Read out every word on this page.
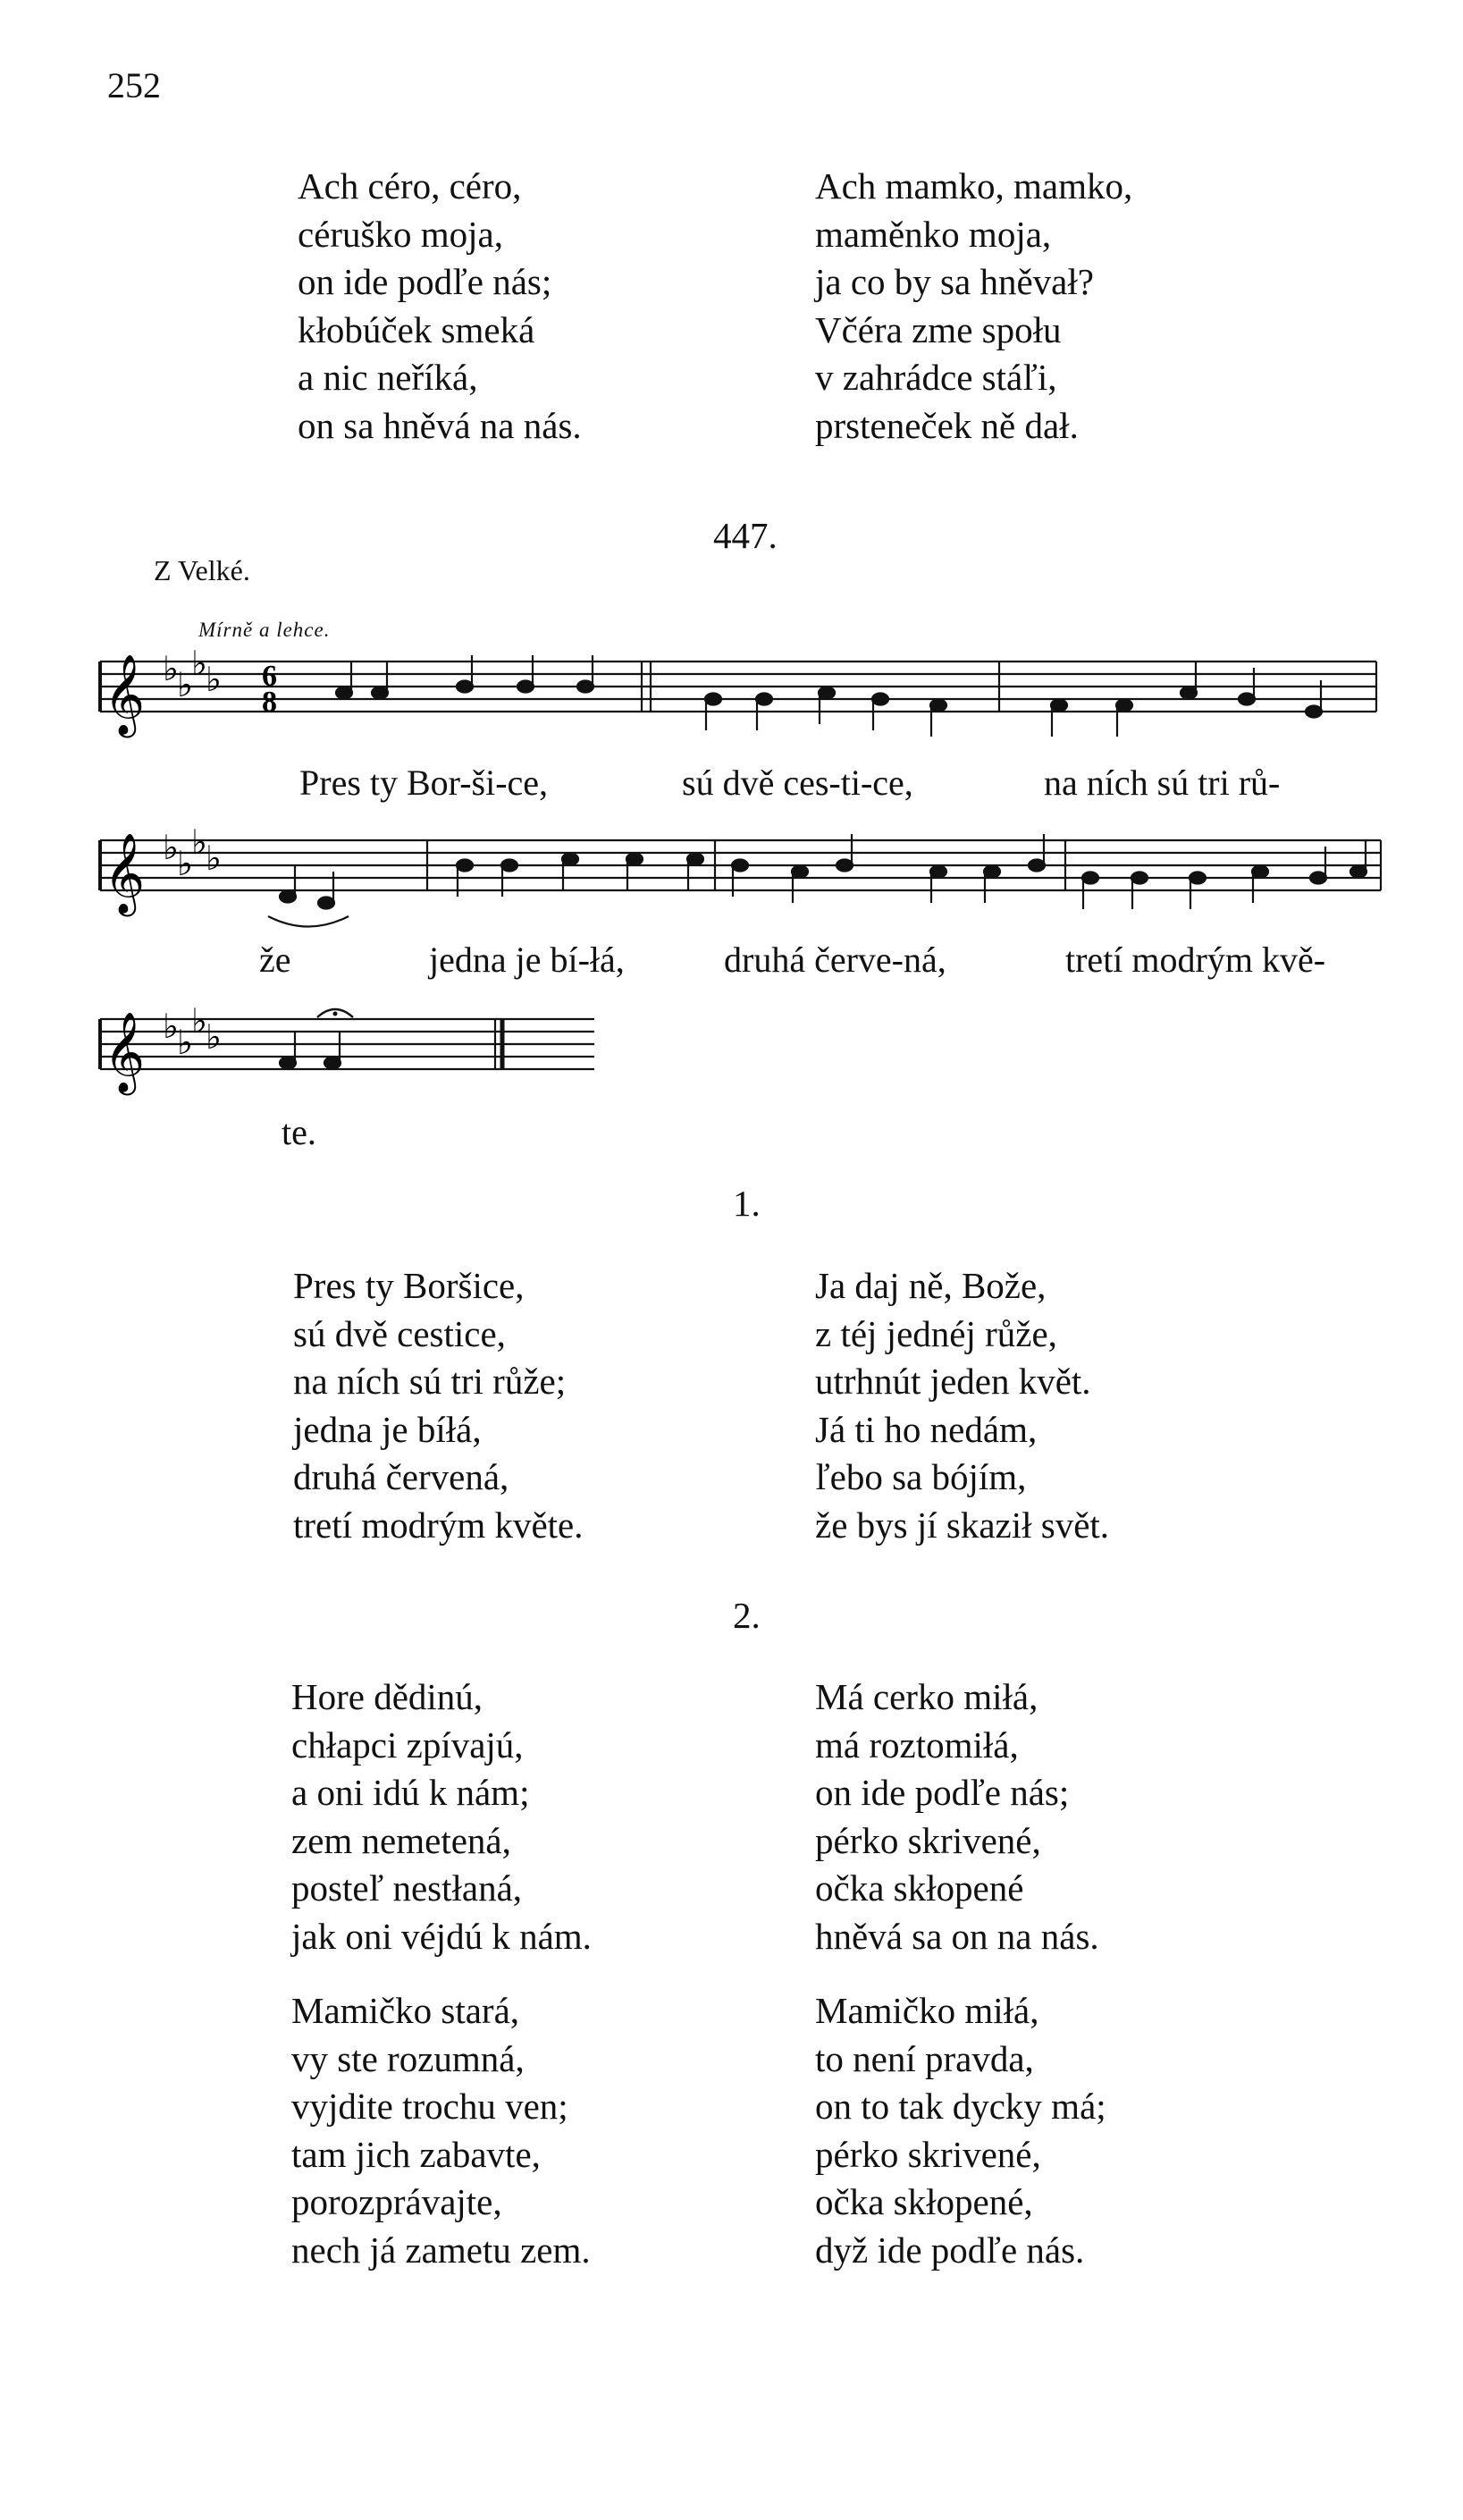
252
Ach céro, céro,
céruško moja,
on ide podľe nás;
kłobúček smeká
a nic neříká,
on sa hněvá na nás.
Ach mamko, mamko,
maměnko moja,
ja co by sa hněvał?
Včéra zme społu
v zahrádce stáľi,
prsteneček ně dał.
447.
Z Velké.
Mírně a lehce.
𝄞 ♭
♭
♭
♭ 6
8
Pres ty Bor-ši-ce,	sú dvě ces-ti-ce,	na ních sú tri rů-
𝄞 ♭
♭
♭
♭
že	jedna je bí-łá,	druhá červe-ná,	tretí modrým kvě-
𝄞 ♭
♭
♭
♭
te.
1.
Pres ty Boršice,
sú dvě cestice,
na ních sú tri růže;
jedna je bíłá,
druhá červená,
tretí modrým květe.
Ja daj ně, Bože,
z téj jednéj růže,
utrhnút jeden květ.
Já ti ho nedám,
ľebo sa bójím,
že bys jí skaził svět.
2.
Hore dědinú,
chłapci zpívajú,
a oni idú k nám;
zem nemetená,
posteľ nestłaná,
jak oni véjdú k nám.
Má cerko miłá,
má roztomiłá,
on ide podľe nás;
pérko skrivené,
očka skłopené
hněvá sa on na nás.
Mamičko stará,
vy ste rozumná,
vyjdite trochu ven;
tam jich zabavte,
porozprávajte,
nech já zametu zem.
Mamičko miłá,
to není pravda,
on to tak dycky má;
pérko skrivené,
očka skłopené,
dyž ide podľe nás.
